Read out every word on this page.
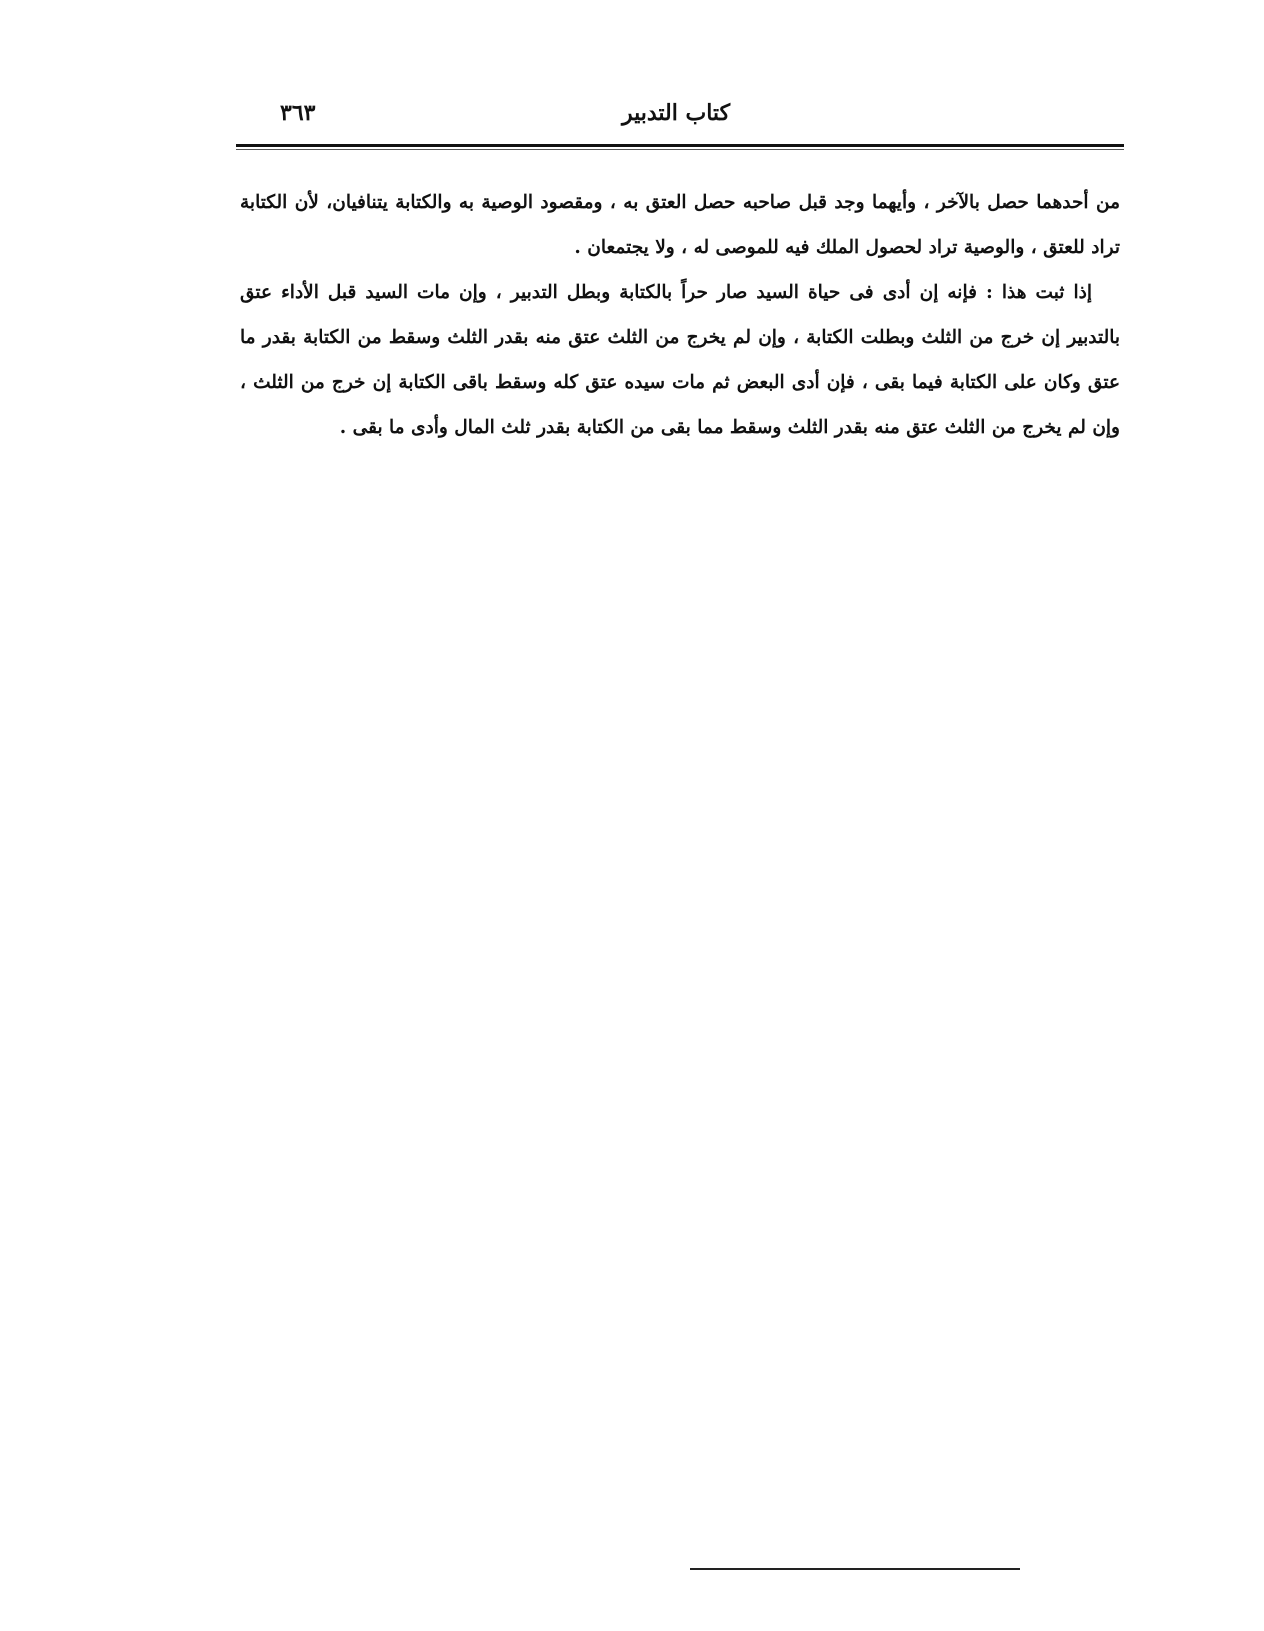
٣٦٣	كتاب التدبير

من أحدهما حصل بالآخر ، وأيهما وجد قبل صاحبه حصل العتق به ، ومقصود الوصية به والكتابة يتنافيان، لأن الكتابة تراد للعتق ، والوصية تراد لحصول الملك فيه للموصى له ، ولا يجتمعان .

إذا ثبت هذا : فإنه إن أدى فى حياة السيد صار حراً بالكتابة وبطل التدبير ، وإن مات السيد قبل الأداء عتق بالتدبير إن خرج من الثلث وبطلت الكتابة ، وإن لم يخرج من الثلث عتق منه بقدر الثلث وسقط من الكتابة بقدر ما عتق وكان على الكتابة فيما بقى ، فإن أدى البعض ثم مات سيده عتق كله وسقط باقى الكتابة إن خرج من الثلث ، وإن لم يخرج من الثلث عتق منه بقدر الثلث وسقط مما بقى من الكتابة بقدر ثلث المال وأدى ما بقى .
